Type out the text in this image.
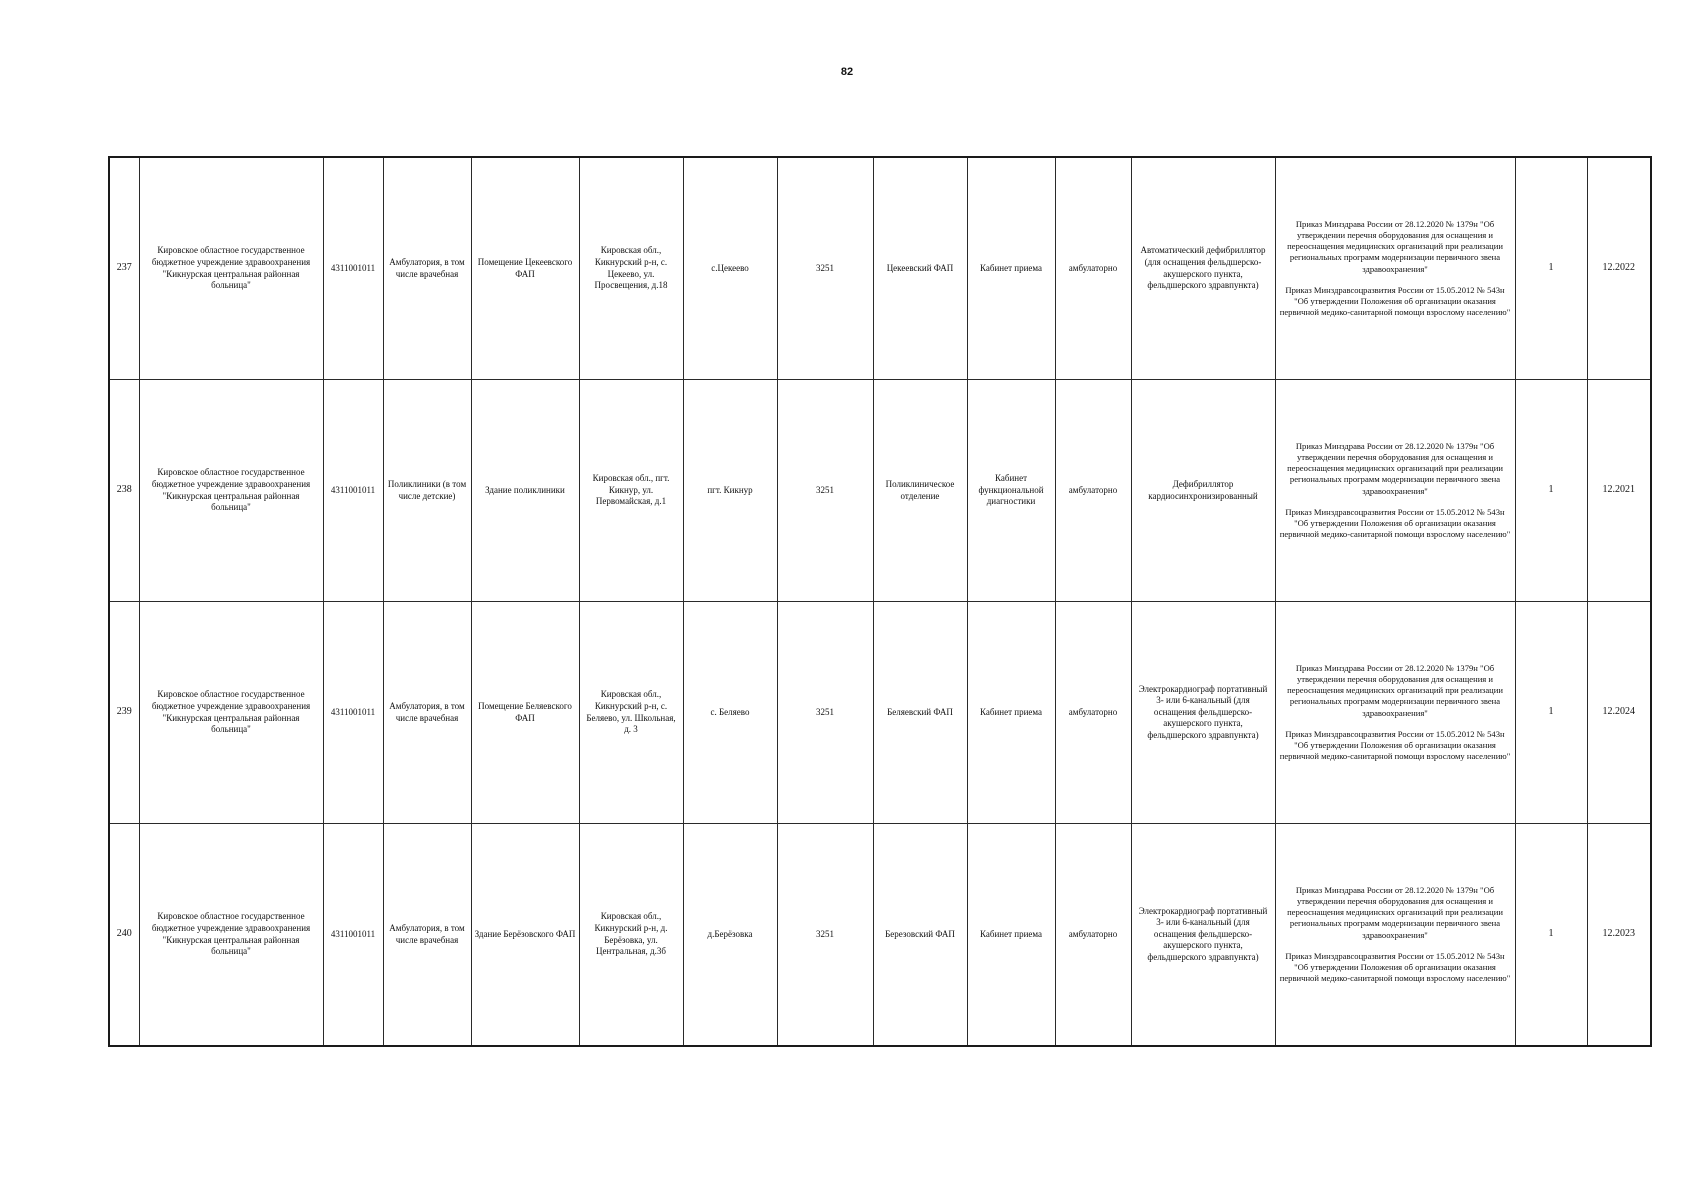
82
237	Кировское областное государственное бюджетное учреждение здравоохранения "Кикнурская центральная районная больница"	4311001011	Амбулатория, в том числе врачебная	Помещение Цекеевского ФАП	Кировская обл., Кикнурский р-н, с. Цекеево, ул. Просвещения, д.18	с.Цекеево	3251	Цекеевский ФАП	Кабинет приема	амбулаторно	Автоматический дефибриллятор (для оснащения фельдшерско-акушерского пункта, фельдшерского здравпункта)	Приказ Минздрава России от 28.12.2020 № 1379н "Об утверждении перечня оборудования для оснащения и переоснащения медицинских организаций при реализации региональных программ модернизации первичного звена здравоохранения"
Приказ Минздравсоцразвития России от 15.05.2012 № 543н "Об утверждении Положения об организации оказания первичной медико-санитарной помощи взрослому населению"	1	12.2022
238	Кировское областное государственное бюджетное учреждение здравоохранения "Кикнурская центральная районная больница"	4311001011	Поликлиники (в том числе детские)	Здание поликлиники	Кировская обл., пгт. Кикнур, ул. Первомайская, д.1	пгт. Кикнур	3251	Поликлиническое отделение	Кабинет функциональной диагностики	амбулаторно	Дефибриллятор кардиосинхронизированный	Приказ Минздрава России от 28.12.2020 № 1379н "Об утверждении перечня оборудования для оснащения и переоснащения медицинских организаций при реализации региональных программ модернизации первичного звена здравоохранения"
Приказ Минздравсоцразвития России от 15.05.2012 № 543н "Об утверждении Положения об организации оказания первичной медико-санитарной помощи взрослому населению"	1	12.2021
239	Кировское областное государственное бюджетное учреждение здравоохранения "Кикнурская центральная районная больница"	4311001011	Амбулатория, в том числе врачебная	Помещение Беляевского ФАП	Кировская обл., Кикнурский р-н, с. Беляево, ул. Школьная, д. 3	с. Беляево	3251	Беляевский ФАП	Кабинет приема	амбулаторно	Электрокардиограф портативный 3- или 6-канальный (для оснащения фельдшерско-акушерского пункта, фельдшерского здравпункта)	Приказ Минздрава России от 28.12.2020 № 1379н "Об утверждении перечня оборудования для оснащения и переоснащения медицинских организаций при реализации региональных программ модернизации первичного звена здравоохранения"
Приказ Минздравсоцразвития России от 15.05.2012 № 543н "Об утверждении Положения об организации оказания первичной медико-санитарной помощи взрослому населению"	1	12.2024
240	Кировское областное государственное бюджетное учреждение здравоохранения "Кикнурская центральная районная больница"	4311001011	Амбулатория, в том числе врачебная	Здание Берёзовского ФАП	Кировская обл., Кикнурский р-н, д. Берёзовка, ул. Центральная, д.3б	д.Берёзовка	3251	Березовский ФАП	Кабинет приема	амбулаторно	Электрокардиограф портативный 3- или 6-канальный (для оснащения фельдшерско-акушерского пункта, фельдшерского здравпункта)	Приказ Минздрава России от 28.12.2020 № 1379н "Об утверждении перечня оборудования для оснащения и переоснащения медицинских организаций при реализации региональных программ модернизации первичного звена здравоохранения"
Приказ Минздравсоцразвития России от 15.05.2012 № 543н "Об утверждении Положения об организации оказания первичной медико-санитарной помощи взрослому населению"	1	12.2023
